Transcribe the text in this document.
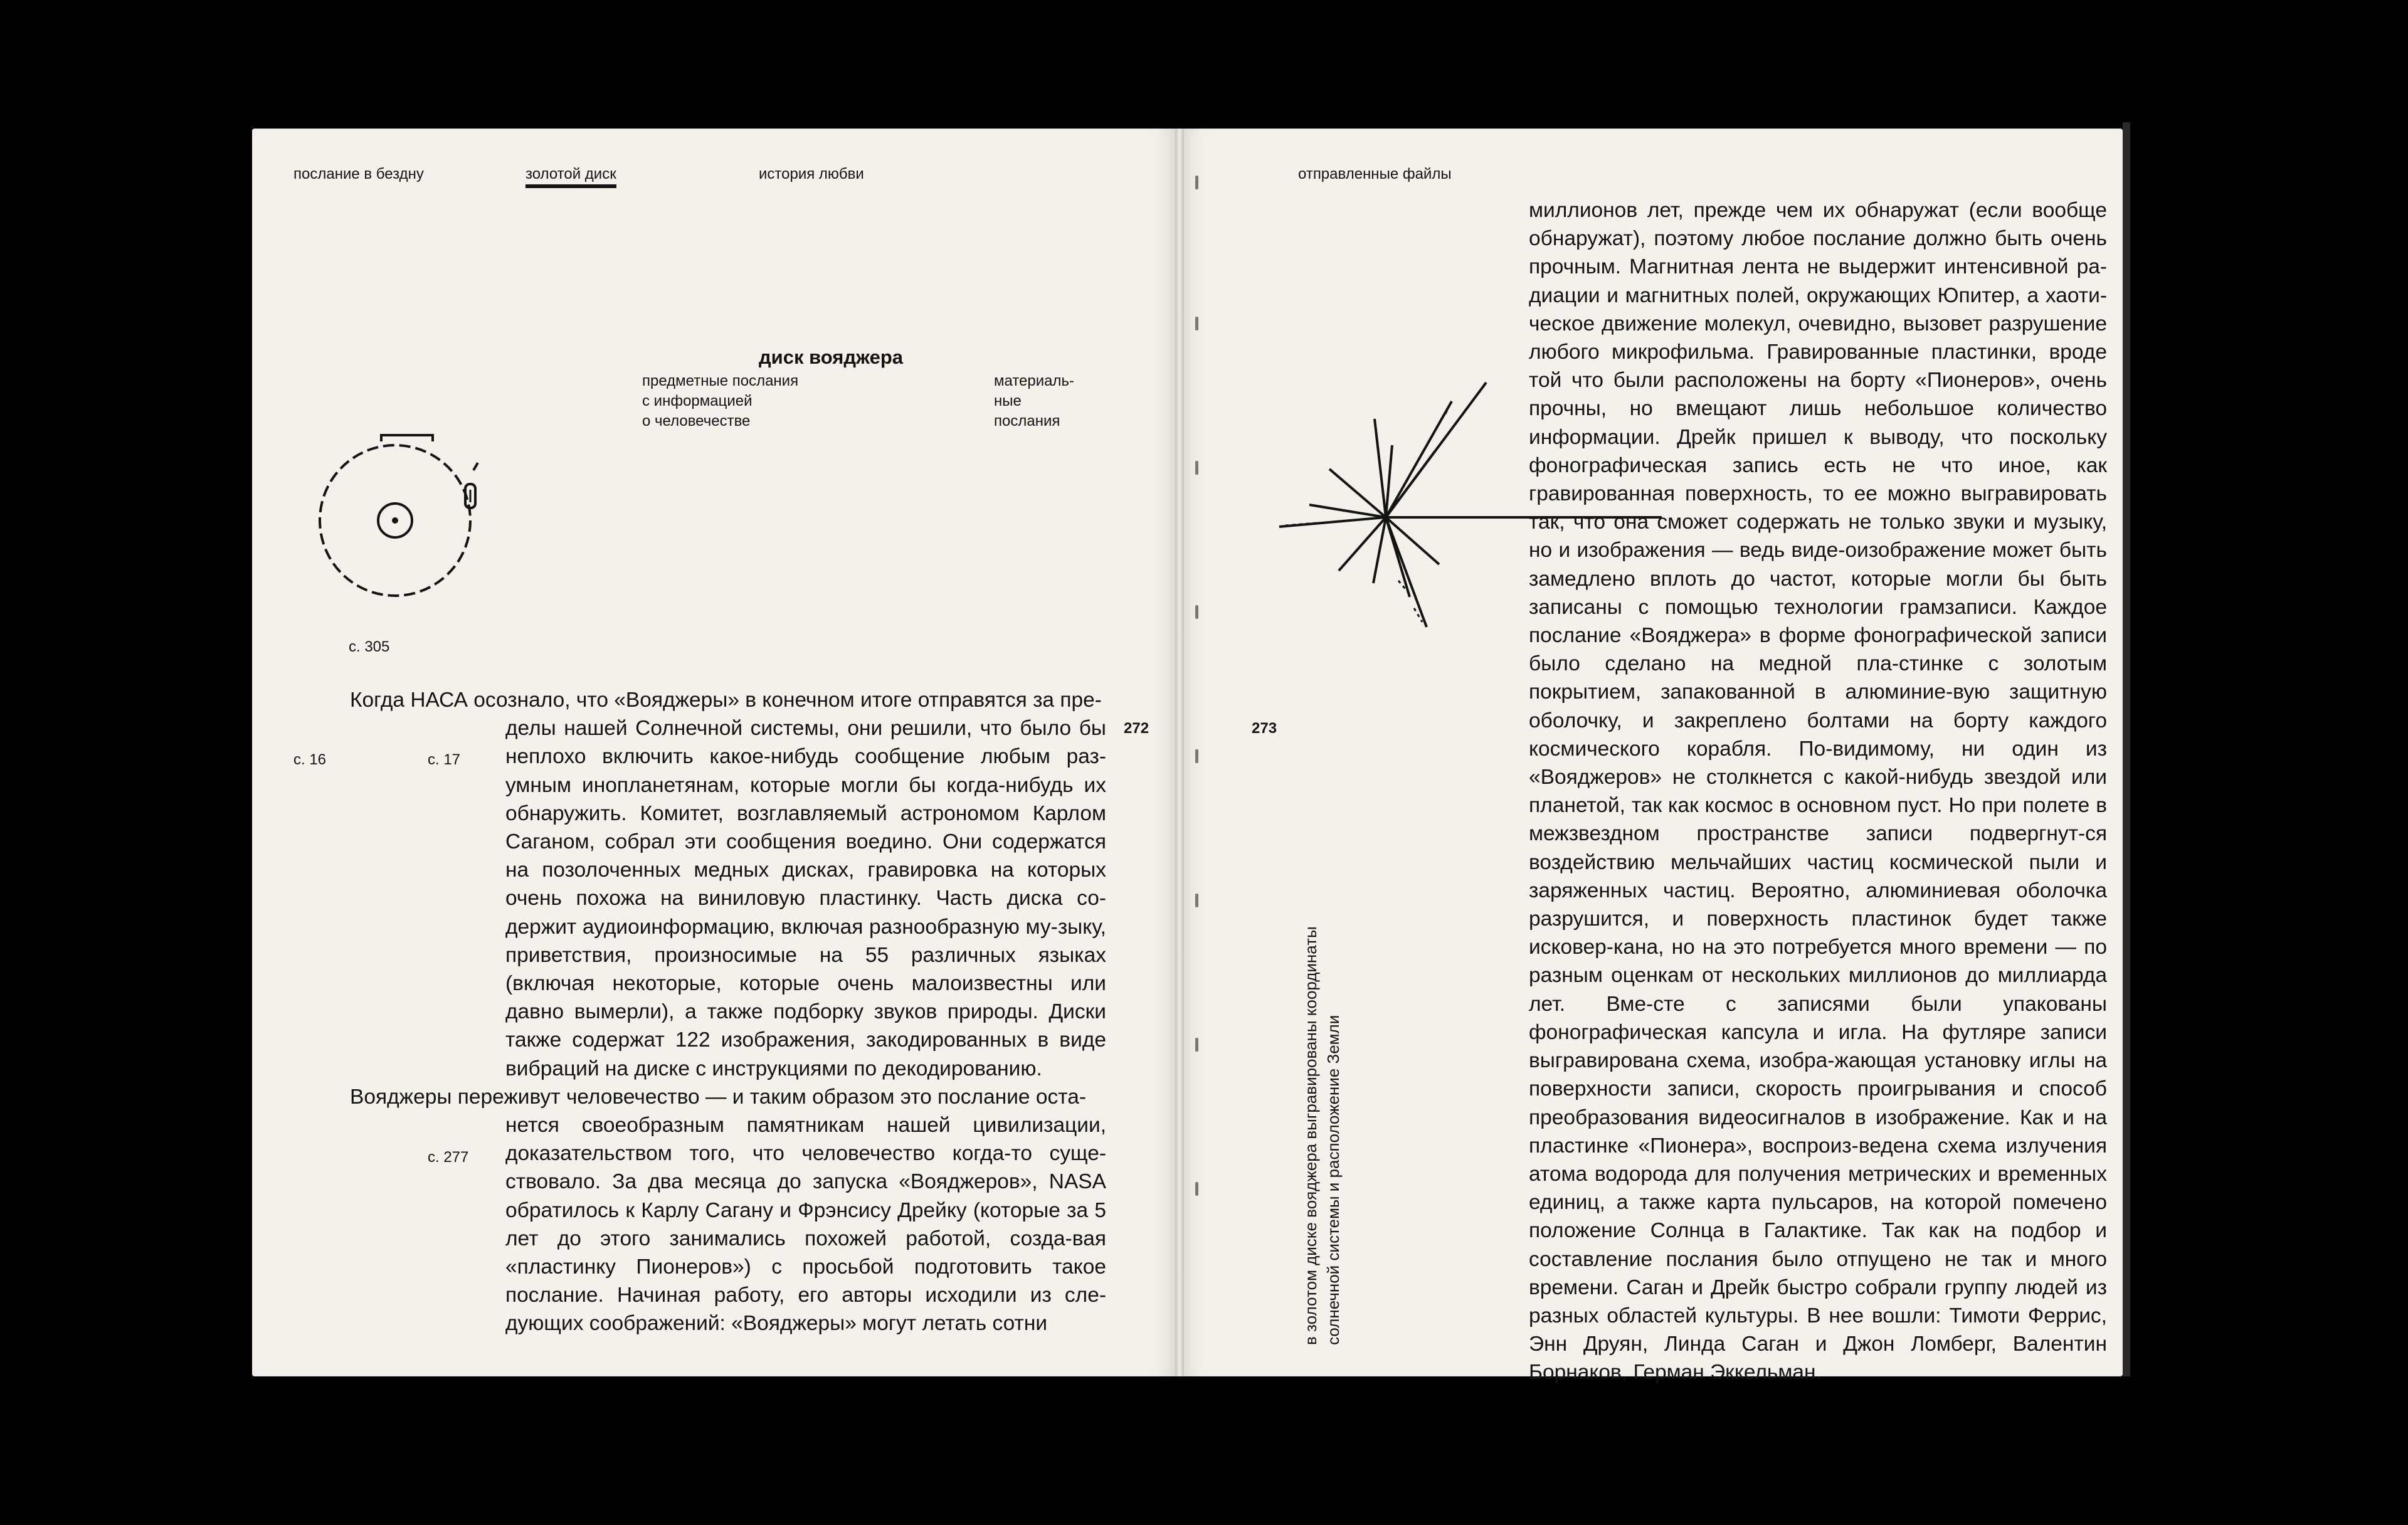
послание в бездну	золотой диск	история любви	отправленные файлы
диск вояджера
предметные послания
с информацией
о человечестве
материаль-
ные
послания
с. 305
с. 16	с. 17
с. 277
272	273

Когда НАСА осознало, что «Вояджеры» в конечном итоге отправятся за пре-
делы нашей Солнечной системы, они решили, что было бы неплохо включить какое-нибудь сообщение любым раз-умным инопланетянам, которые могли бы когда-нибудь их обнаружить. Комитет, возглавляемый астрономом Карлом Саганом, собрал эти сообщения воедино. Они содержатся на позолоченных медных дисках, гравировка на которых очень похожа на виниловую пластинку. Часть диска со-держит аудиоинформацию, включая разнообразную му-зыку, приветствия, произносимые на 55 различных языках (включая некоторые, которые очень малоизвестны или давно вымерли), а также подборку звуков природы. Диски также содержат 122 изображения, закодированных в виде вибраций на диске с инструкциями по декодированию.

Вояджеры переживут человечество — и таким образом это послание оста-
нется своеобразным памятникам нашей цивилизации, доказательством того, что человечество когда-то суще-ствовало. За два месяца до запуска «Вояджеров», NASA обратилось к Карлу Сагану и Фрэнсису Дрейку (которые за 5 лет до этого занимались похожей работой, созда-вая «пластинку Пионеров») с просьбой подготовить такое послание. Начиная работу, его авторы исходили из сле-дующих соображений: «Вояджеры» могут летать сотни

в золотом диске вояджера выгравированы координаты
солнечной системы и расположение Земли
миллионов лет, прежде чем их обнаружат (если вообще обнаружат), поэтому любое послание должно быть очень прочным. Магнитная лента не выдержит интенсивной ра-диации и магнитных полей, окружающих Юпитер, а хаоти-ческое движение молекул, очевидно, вызовет разрушение любого микрофильма. Гравированные пластинки, вроде той что были расположены на борту «Пионеров», очень прочны, но вмещают лишь небольшое количество информации. Дрейк пришел к выводу, что поскольку фонографическая запись есть не что иное, как гравированная поверхность, то ее можно выгравировать так, что она сможет содержать не только звуки и музыку, но и изображения — ведь виде-оизображение может быть замедлено вплоть до частот, которые могли бы быть записаны с помощью технологии грамзаписи. Каждое послание «Вояджера» в форме фонографической записи было сделано на медной пла-стинке с золотым покрытием, запакованной в алюминие-вую защитную оболочку, и закреплено болтами на борту каждого космического корабля. По-видимому, ни один из «Вояджеров» не столкнется с какой-нибудь звездой или планетой, так как космос в основном пуст. Но при полете в межзвездном пространстве записи подвергнут-ся воздействию мельчайших частиц космической пыли и заряженных частиц. Вероятно, алюминиевая оболочка разрушится, и поверхность пластинок будет также исковер-кана, но на это потребуется много времени — по разным оценкам от нескольких миллионов до миллиарда лет. Вме-сте с записями были упакованы фонографическая капсула и игла. На футляре записи выгравирована схема, изобра-жающая установку иглы на поверхности записи, скорость проигрывания и способ преобразования видеосигналов в изображение. Как и на пластинке «Пионера», воспроиз-ведена схема излучения атома водорода для получения метрических и временных единиц, а также карта пульсаров, на которой помечено положение Солнца в Галактике. Так как на подбор и составление послания было отпущено не так и много времени. Саган и Дрейк быстро собрали группу людей из разных областей культуры. В нее вошли: Тимоти Феррис, Энн Друян, Линда Саган и Джон Ломберг, Валентин Борнаков, Герман Эккельман.
